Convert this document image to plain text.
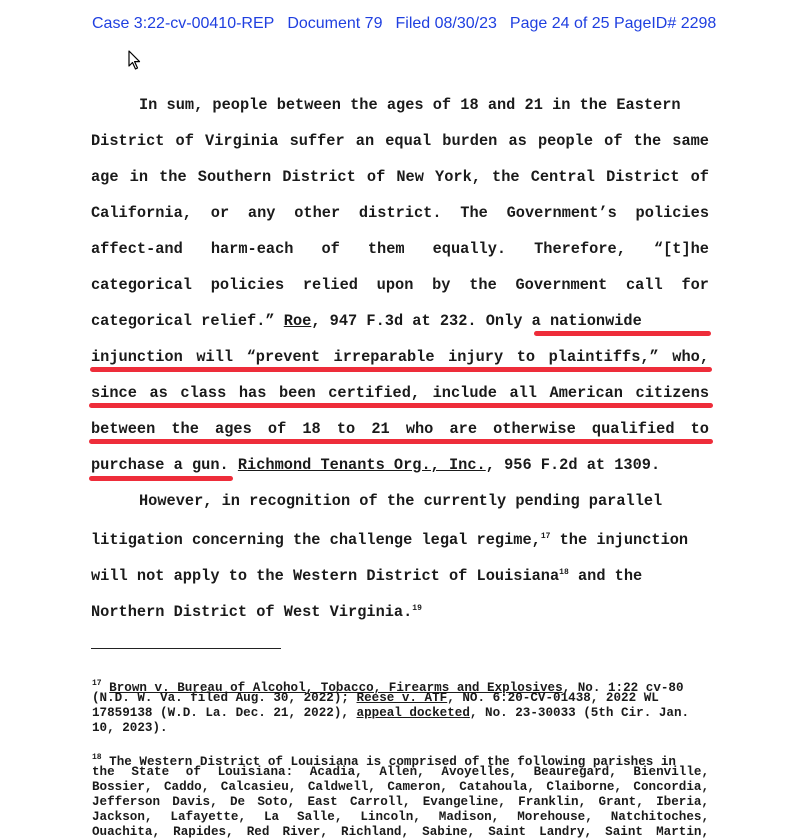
Case 3:22-cv-00410-REP Document 79 Filed 08/30/23 Page 24 of 25 PageID# 2298
In sum, people between the ages of 18 and 21 in the Eastern
District of Virginia suffer an equal burden as people of the same
age in the Southern District of New York, the Central District of
California, or any other district. The Government’s policies
affect-and harm-each of them equally. Therefore, “[t]he
categorical policies relied upon by the Government call for
categorical relief.” Roe, 947 F.3d at 232. Only a nationwide
injunction will “prevent irreparable injury to plaintiffs,” who,
since as class has been certified, include all American citizens
between the ages of 18 to 21 who are otherwise qualified to
purchase a gun. Richmond Tenants Org., Inc., 956 F.2d at 1309.
However, in recognition of the currently pending parallel
litigation concerning the challenge legal regime,$^{17}$ the injunction
will not apply to the Western District of Louisiana$^{18}$ and the
Northern District of West Virginia.$^{19}$
$^{17}$ Brown v. Bureau of Alcohol, Tobacco, Firearms and Explosives, No. 1:22 cv-80
(N.D. W. Va. filed Aug. 30, 2022); Reese v. ATF, NO. 6:20-CV-01438, 2022 WL
17859138 (W.D. La. Dec. 21, 2022), appeal docketed, No. 23-30033 (5th Cir. Jan.
10, 2023).
$^{18}$ The Western District of Louisiana is comprised of the following parishes in
the State of Louisiana: Acadia, Allen, Avoyelles, Beauregard, Bienville,
Bossier, Caddo, Calcasieu, Caldwell, Cameron, Catahoula, Claiborne, Concordia,
Jefferson Davis, De Soto, East Carroll, Evangeline, Franklin, Grant, Iberia,
Jackson, Lafayette, La Salle, Lincoln, Madison, Morehouse, Natchitoches,
Ouachita, Rapides, Red River, Richland, Sabine, Saint Landry, Saint Martin,
